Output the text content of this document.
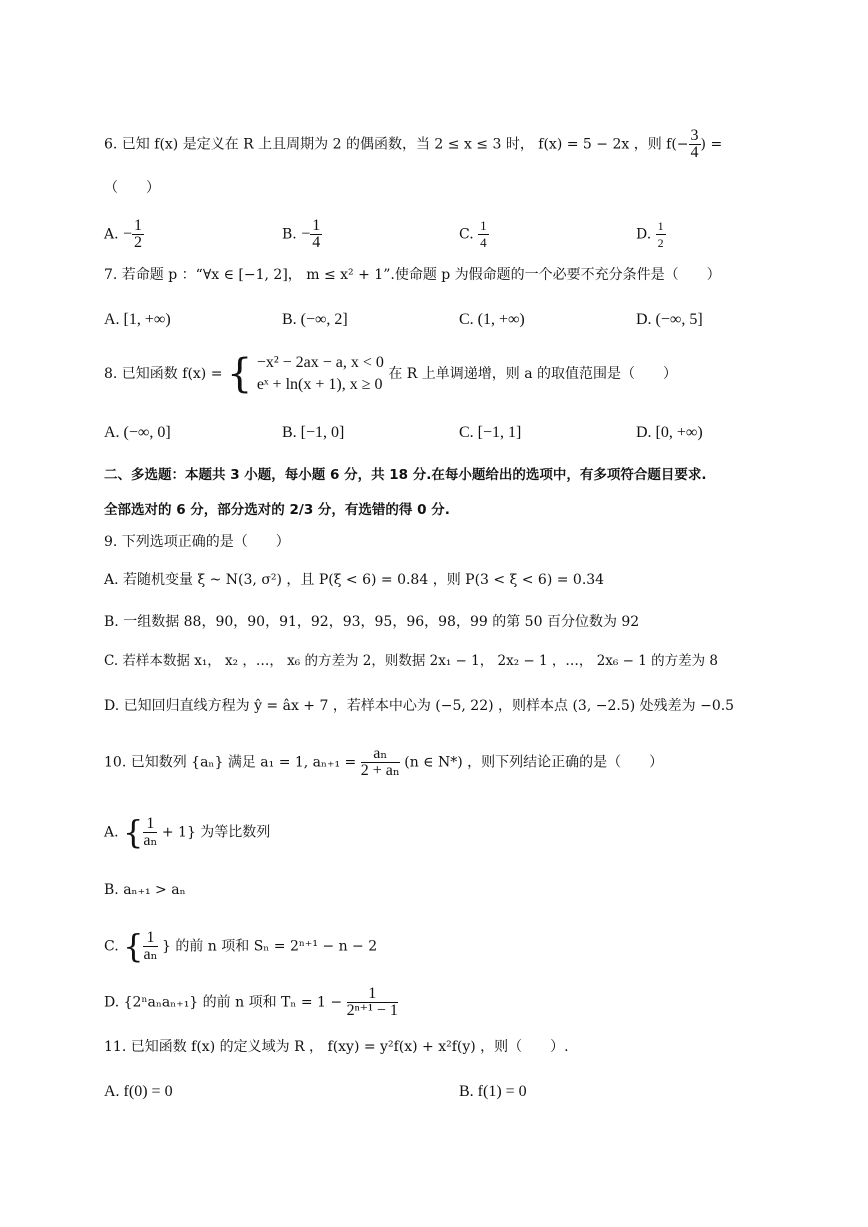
6. 已知 f(x) 是定义在 R 上且周期为 2 的偶函数，当 2 ≤ x ≤ 3 时， f(x) = 5 − 2x ，则 $f(- \frac{3}{4}$ ) =
（　　）
A. − $\frac{1}{2}$	B. − $\frac{1}{4}$	C. $\frac{1}{4}$	D. $\frac{1}{2}$
7. 若命题 p ：“∀x ∈ [−1, 2]， m ≤ x² + 1”.使命题 p 为假命题的一个必要不充分条件是（　　）
A. [1, +∞)	B. (−∞, 2]	C. (1, +∞)	D. (−∞, 5]
8. 已知函数 f(x) = { −x² − 2ax − a, x < 0
eˣ + ln(x + 1), x ≥ 0
在 R 上单调递增，则 a 的取值范围是（　　）
A. (−∞, 0]	B. [−1, 0]	C. [−1, 1]	D. [0, +∞)
二、多选题：本题共 3 小题，每小题 6 分，共 18 分.在每小题给出的选项中，有多项符合题目要求.
全部选对的 6 分，部分选对的 2/3 分，有选错的得 0 分.
9. 下列选项正确的是（　　）
A. 若随机变量 ξ ~ N(3, σ²) ，且 P(ξ < 6) = 0.84 ，则 P(3 < ξ < 6) = 0.34
B. 一组数据 88，90，90，91，92，93，95，96，98，99 的第 50 百分位数为 92
C. 若样本数据 x₁， x₂ ，…， x₆ 的方差为 2，则数据 2x₁ − 1， 2x₂ − 1 ，…， 2x₆ − 1 的方差为 8
D. 已知回归直线方程为 ŷ = âx + 7 ，若样本中心为 (−5, 22) ，则样本点 (3, −2.5) 处残差为 −0.5
10. 已知数列 {aₙ} 满足 a₁ = 1, $a_{n+1} = \frac{\text{aₙ}}{\text{2 + aₙ}} (n$ ∈ N*) ，则下列结论正确的是（　　）
A. { $\frac{1}{\text{aₙ}} + 1$} 为等比数列
B. aₙ₊₁ > aₙ
C. { $\frac{1}{\text{aₙ}}$ } 的前 n 项和 Sₙ = 2ⁿ⁺¹ − n − 2
D. {2ⁿaₙaₙ₊₁} 的前 n 项和 $T_n = 1 - \frac{1}{\text{2ⁿ⁺¹ − 1}}$
11. 已知函数 f(x) 的定义域为 R ， f(xy) = y²f(x) + x²f(y) ，则（　　）.
A. f(0) = 0	B. f(1) = 0
